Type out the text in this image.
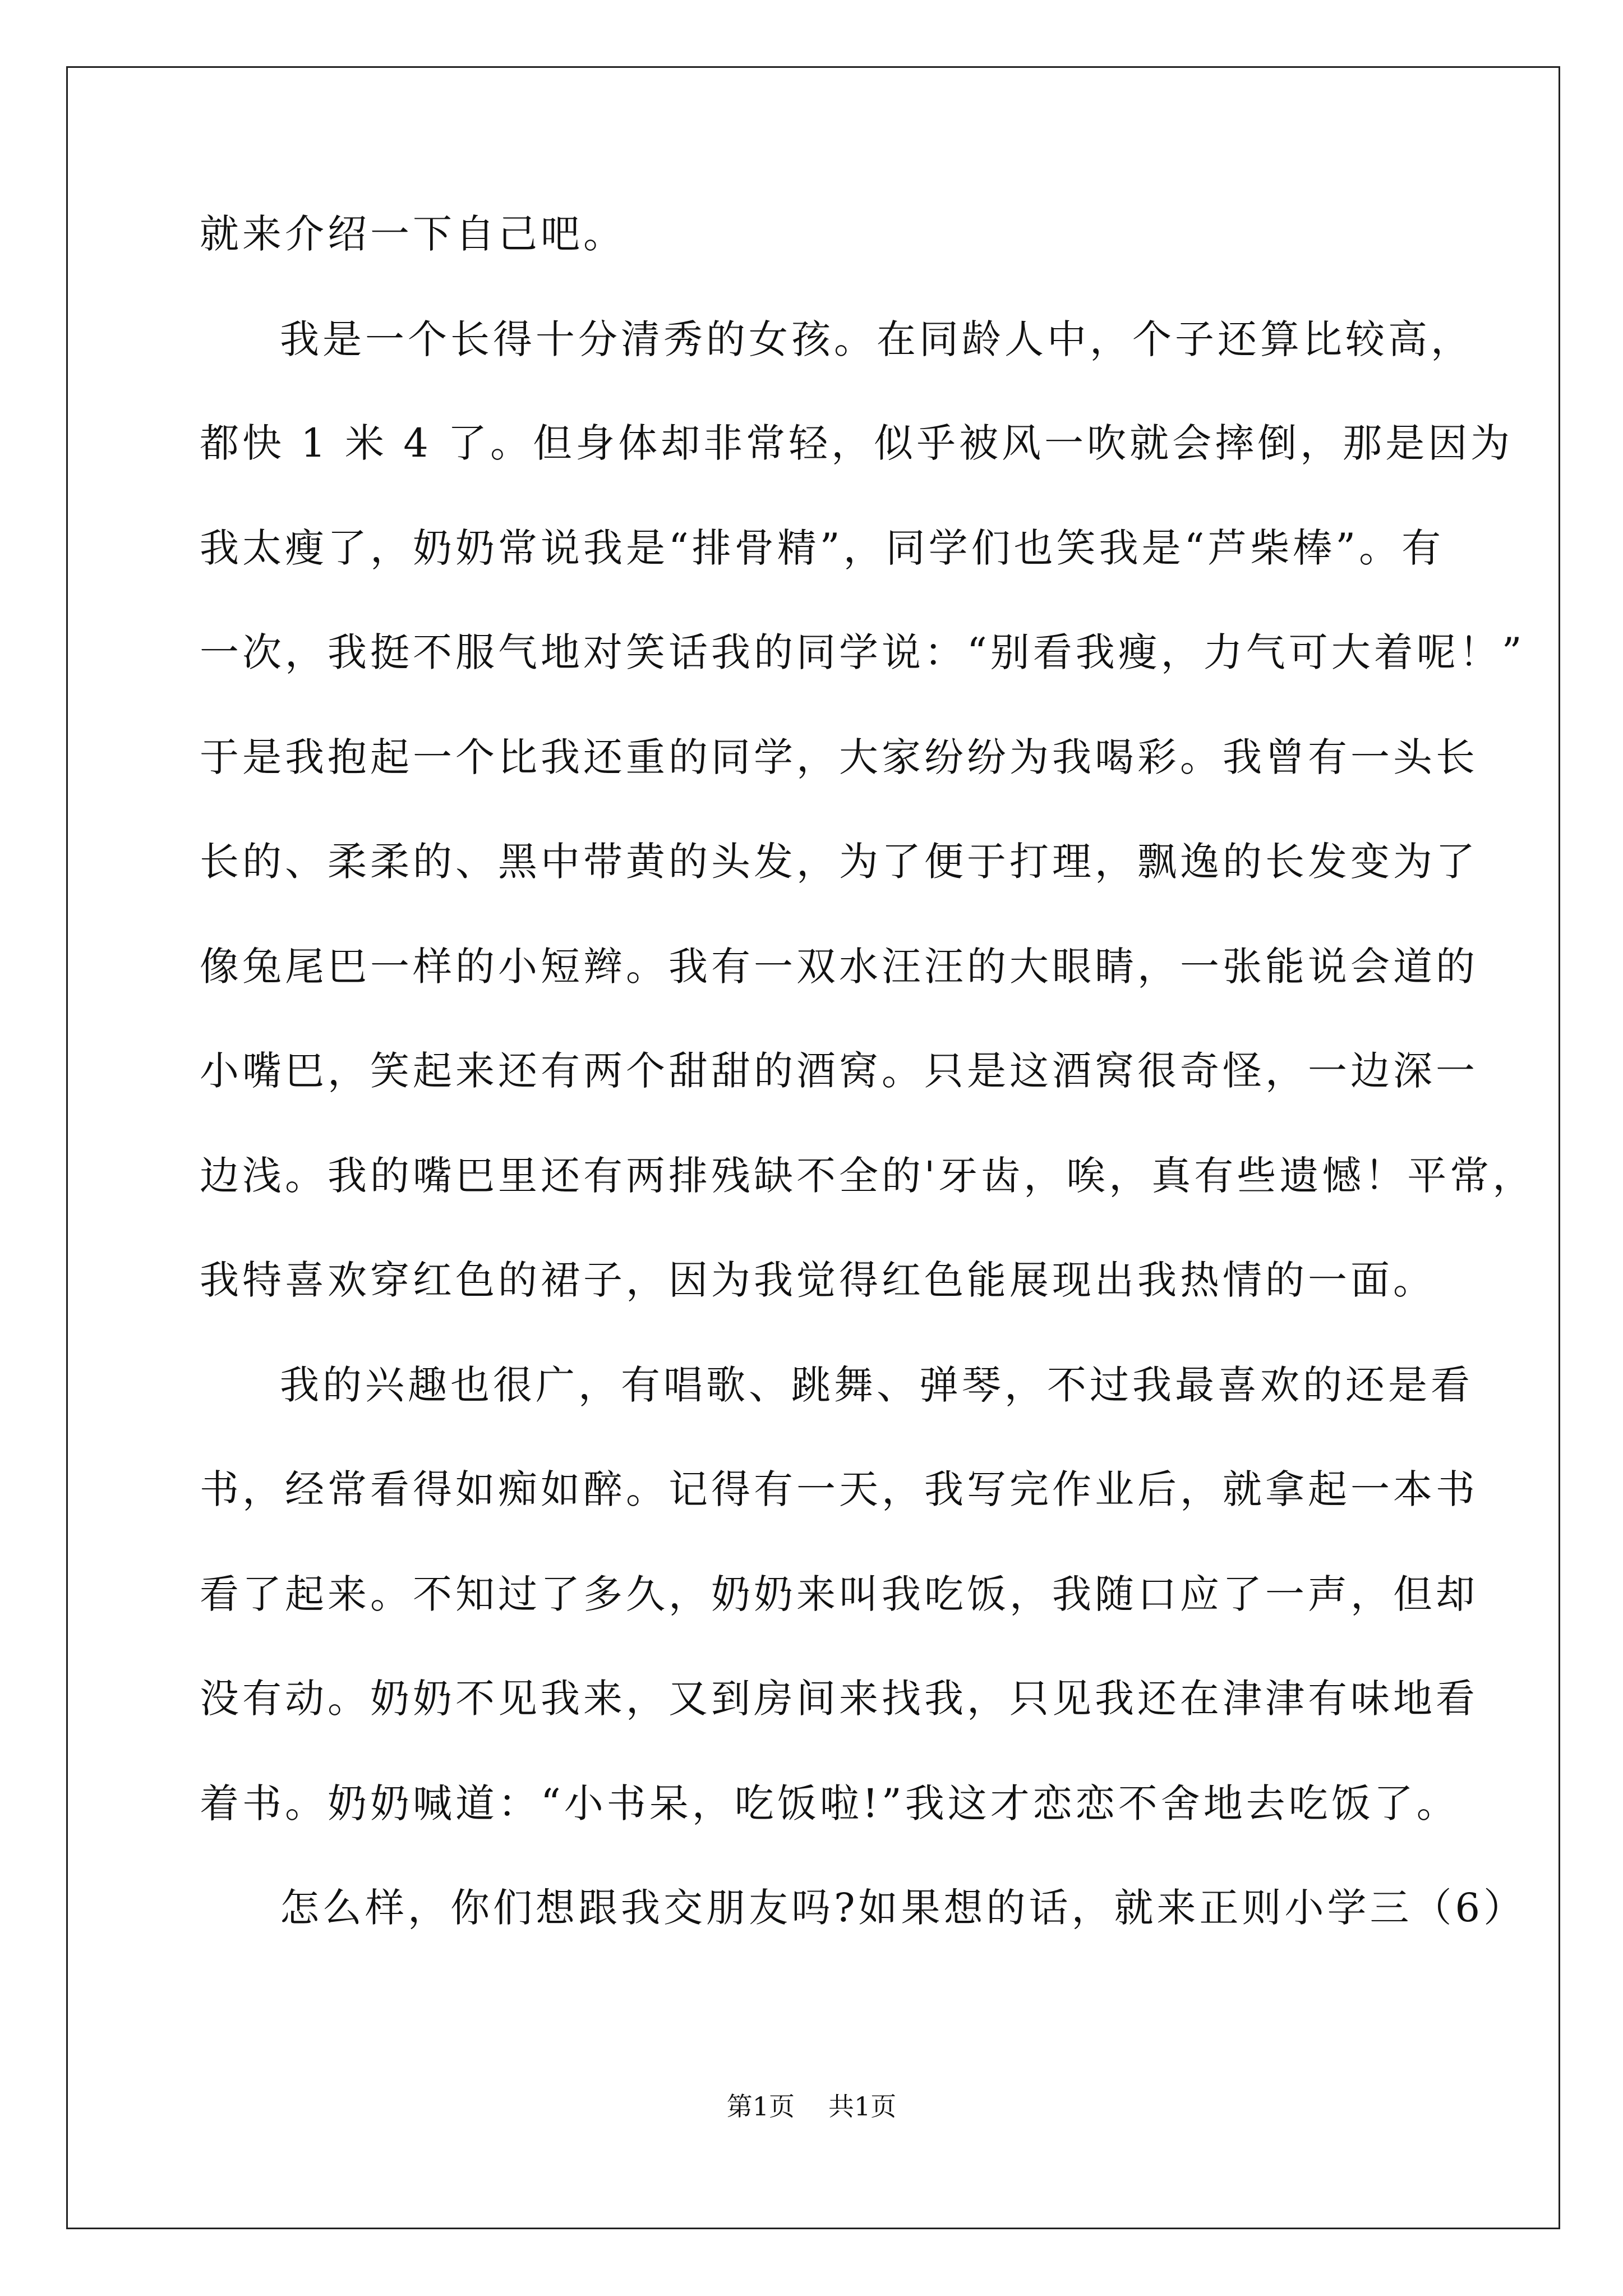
就来介绍一下自己吧。
我是一个长得十分清秀的女孩。在同龄人中，个子还算比较高，
都快 1 米 4 了。但身体却非常轻，似乎被风一吹就会摔倒，那是因为
我太瘦了，奶奶常说我是“排骨精”，同学们也笑我是“芦柴棒”。有
一次，我挺不服气地对笑话我的同学说：“别看我瘦，力气可大着呢！”
于是我抱起一个比我还重的同学，大家纷纷为我喝彩。我曾有一头长
长的、柔柔的、黑中带黄的头发，为了便于打理，飘逸的长发变为了
像兔尾巴一样的小短辫。我有一双水汪汪的大眼睛，一张能说会道的
小嘴巴，笑起来还有两个甜甜的酒窝。只是这酒窝很奇怪，一边深一
边浅。我的嘴巴里还有两排残缺不全的'牙齿，唉，真有些遗憾！平常，
我特喜欢穿红色的裙子，因为我觉得红色能展现出我热情的一面。
我的兴趣也很广，有唱歌、跳舞、弹琴，不过我最喜欢的还是看
书，经常看得如痴如醉。记得有一天，我写完作业后，就拿起一本书
看了起来。不知过了多久，奶奶来叫我吃饭，我随口应了一声，但却
没有动。奶奶不见我来，又到房间来找我，只见我还在津津有味地看
着书。奶奶喊道：“小书呆，吃饭啦!”我这才恋恋不舍地去吃饭了。
怎么样，你们想跟我交朋友吗?如果想的话，就来正则小学三（6）
第1页 共1页
